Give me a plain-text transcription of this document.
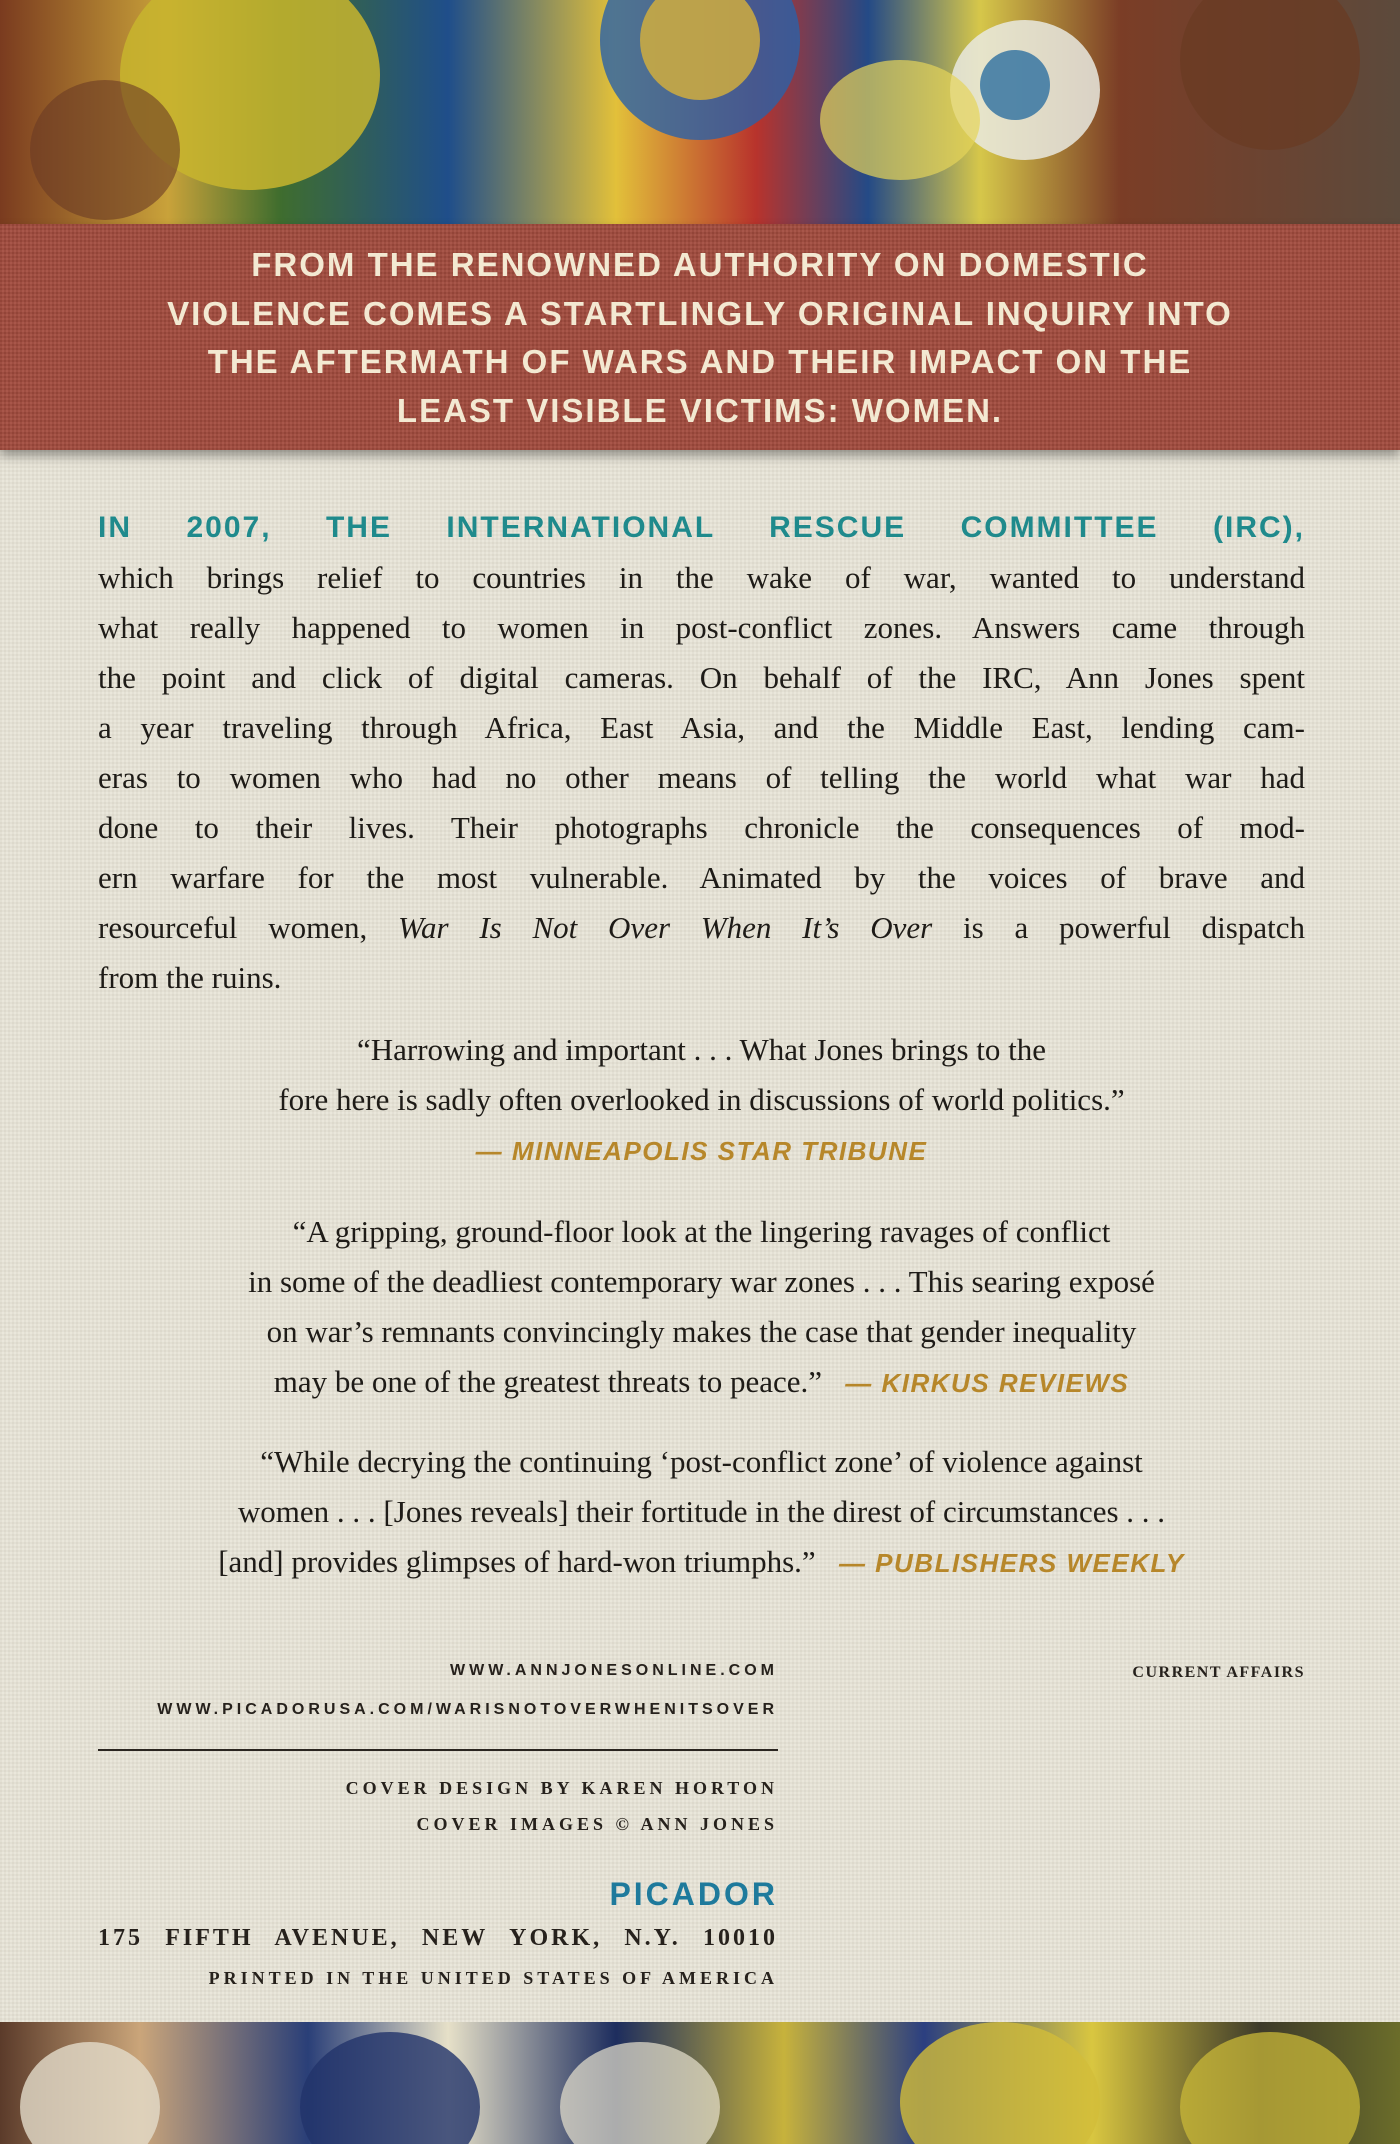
FROM THE RENOWNED AUTHORITY ON DOMESTIC
VIOLENCE COMES A STARTLINGLY ORIGINAL INQUIRY INTO
THE AFTERMATH OF WARS AND THEIR IMPACT ON THE
LEAST VISIBLE VICTIMS: WOMEN.

IN 2007, THE INTERNATIONAL RESCUE COMMITTEE (IRC),
which brings relief to countries in the wake of war, wanted to understand
what really happened to women in post-conflict zones. Answers came through
the point and click of digital cameras. On behalf of the IRC, Ann Jones spent
a year traveling through Africa, East Asia, and the Middle East, lending cam-
eras to women who had no other means of telling the world what war had
done to their lives. Their photographs chronicle the consequences of mod-
ern warfare for the most vulnerable. Animated by the voices of brave and
resourceful women, War Is Not Over When It’s Over is a powerful dispatch
from the ruins.

“Harrowing and important . . . What Jones brings to the
fore here is sadly often overlooked in discussions of world politics.”
— MINNEAPOLIS STAR TRIBUNE

“A gripping, ground-floor look at the lingering ravages of conflict
in some of the deadliest contemporary war zones . . . This searing exposé
on war’s remnants convincingly makes the case that gender inequality
may be one of the greatest threats to peace.” — KIRKUS REVIEWS

“While decrying the continuing ‘post-conflict zone’ of violence against
women . . . [Jones reveals] their fortitude in the direst of circumstances . . .
[and] provides glimpses of hard-won triumphs.” — PUBLISHERS WEEKLY

WWW.ANNJONESONLINE.COM
WWW.PICADORUSA.COM/WARISNOTOVERWHENITSOVER
CURRENT AFFAIRS
COVER DESIGN BY KAREN HORTON
COVER IMAGES © ANN JONES
PICADOR
175 FIFTH AVENUE, NEW YORK, N.Y. 10010
PRINTED IN THE UNITED STATES OF AMERICA
